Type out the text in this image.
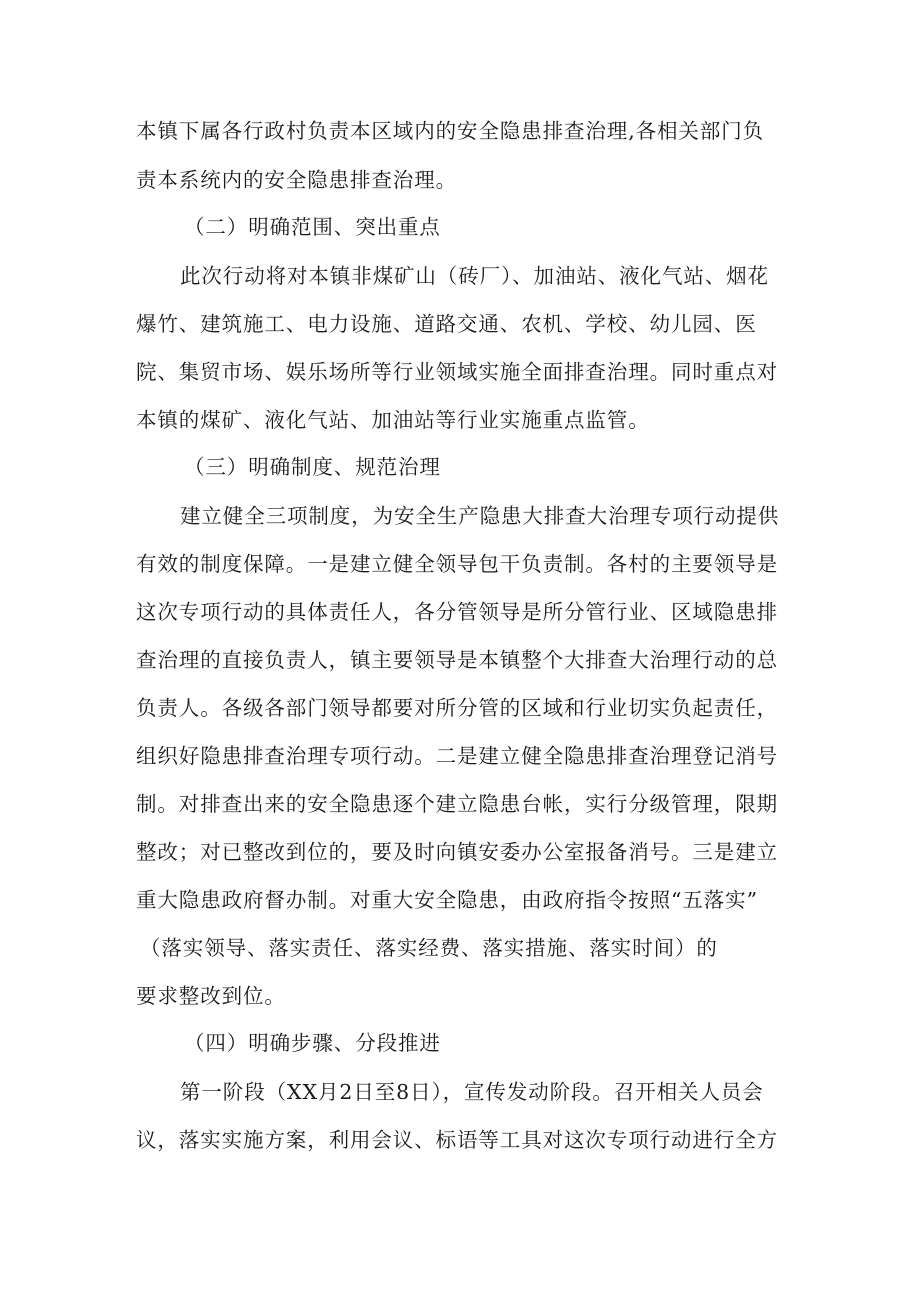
本镇下属各行政村负责本区域内的安全隐患排查治理,各相关部门负
责本系统内的安全隐患排查治理。
（二）明确范围、突出重点
此次行动将对本镇非煤矿山（砖厂）、加油站、液化气站、烟花
爆竹、建筑施工、电力设施、道路交通、农机、学校、幼儿园、医
院、集贸市场、娱乐场所等行业领域实施全面排查治理。同时重点对
本镇的煤矿、液化气站、加油站等行业实施重点监管。
（三）明确制度、规范治理
建立健全三项制度，为安全生产隐患大排查大治理专项行动提供
有效的制度保障。一是建立健全领导包干负责制。各村的主要领导是
这次专项行动的具体责任人，各分管领导是所分管行业、区域隐患排
查治理的直接负责人，镇主要领导是本镇整个大排查大治理行动的总
负责人。各级各部门领导都要对所分管的区域和行业切实负起责任，
组织好隐患排查治理专项行动。二是建立健全隐患排查治理登记消号
制。对排查出来的安全隐患逐个建立隐患台帐，实行分级管理，限期
整改；对已整改到位的，要及时向镇安委办公室报备消号。三是建立
重大隐患政府督办制。对重大安全隐患，由政府指令按照“五落实”
（落实领导、落实责任、落实经费、落实措施、落实时间）的
要求整改到位。
（四）明确步骤、分段推进
第一阶段（XX月2日至8日），宣传发动阶段。召开相关人员会
议，落实实施方案，利用会议、标语等工具对这次专项行动进行全方
